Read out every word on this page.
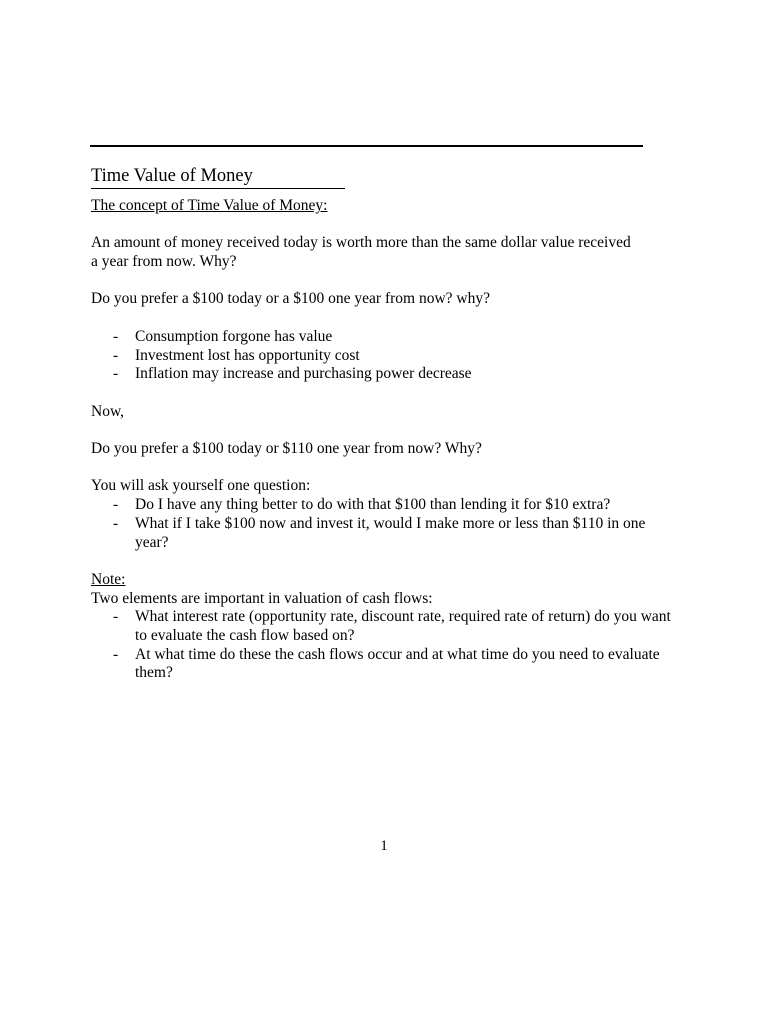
Time Value of Money

The concept of Time Value of Money:

An amount of money received today is worth more than the same dollar value received a year from now. Why?

Do you prefer a $100 today or a $100 one year from now? why?

- Consumption forgone has value
- Investment lost has opportunity cost
- Inflation may increase and purchasing power decrease

Now,

Do you prefer a $100 today or $110 one year from now? Why?

You will ask yourself one question:

- Do I have any thing better to do with that $100 than lending it for $10 extra?
- What if I take $100 now and invest it, would I make more or less than $110 in one year?

Note:

Two elements are important in valuation of cash flows:

- What interest rate (opportunity rate, discount rate, required rate of return) do you want to evaluate the cash flow based on?
- At what time do these the cash flows occur and at what time do you need to evaluate them?
1
